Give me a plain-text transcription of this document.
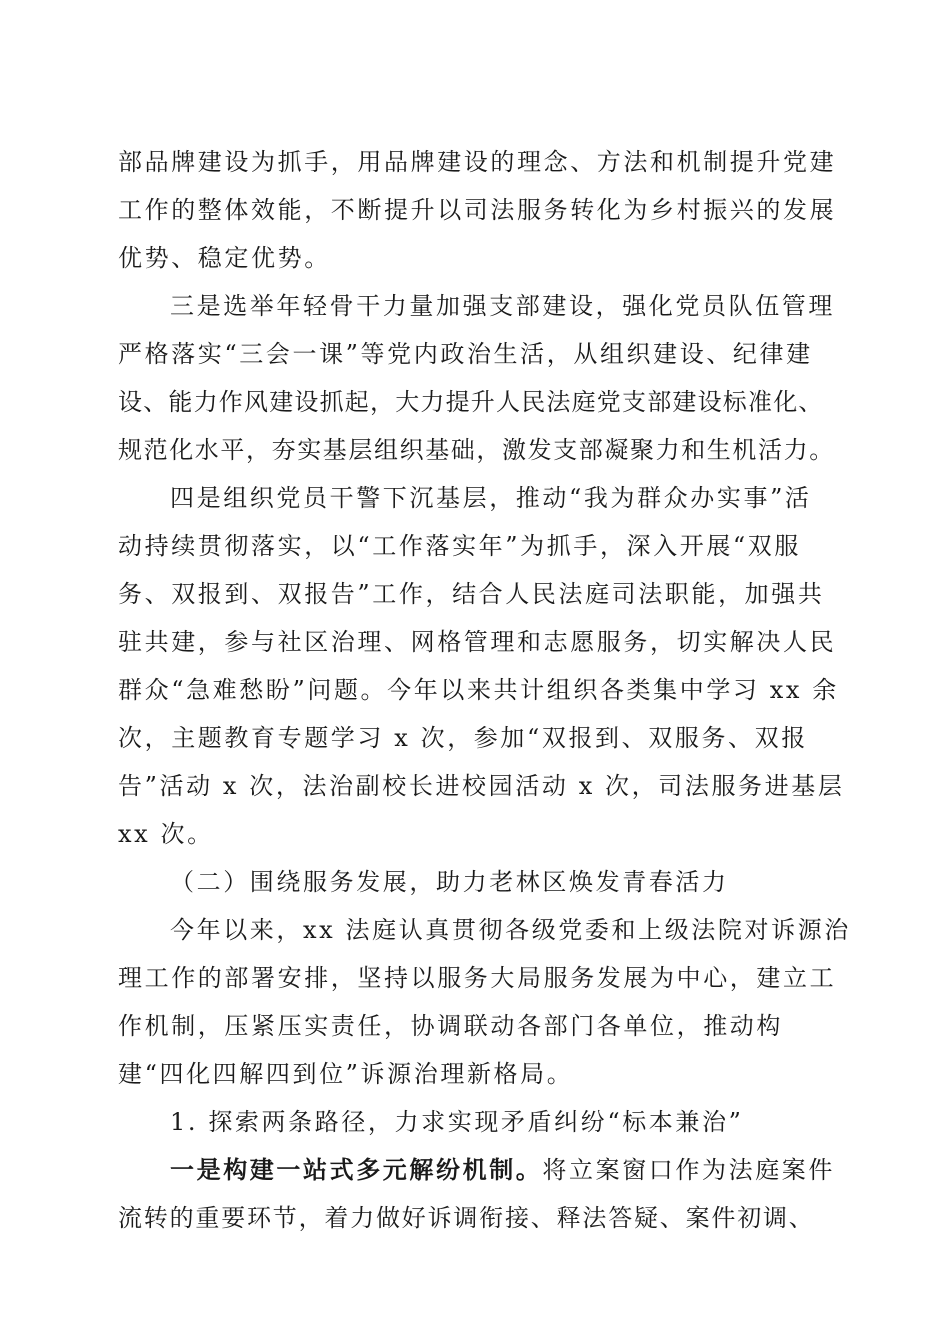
部品牌建设为抓手，用品牌建设的理念、方法和机制提升党建
工作的整体效能，不断提升以司法服务转化为乡村振兴的发展
优势、稳定优势。
三是选举年轻骨干力量加强支部建设，强化党员队伍管理
严格落实“三会一课”等党内政治生活，从组织建设、纪律建
设、能力作风建设抓起，大力提升人民法庭党支部建设标准化、
规范化水平，夯实基层组织基础，激发支部凝聚力和生机活力。
四是组织党员干警下沉基层，推动“我为群众办实事”活
动持续贯彻落实，以“工作落实年”为抓手，深入开展“双服
务、双报到、双报告”工作，结合人民法庭司法职能，加强共
驻共建，参与社区治理、网格管理和志愿服务，切实解决人民
群众“急难愁盼”问题。今年以来共计组织各类集中学习 xx 余
次，主题教育专题学习 x 次，参加“双报到、双服务、双报
告”活动 x 次，法治副校长进校园活动 x 次，司法服务进基层
xx 次。
（二）围绕服务发展，助力老林区焕发青春活力
今年以来，xx 法庭认真贯彻各级党委和上级法院对诉源治
理工作的部署安排，坚持以服务大局服务发展为中心，建立工
作机制，压紧压实责任，协调联动各部门各单位，推动构
建“四化四解四到位”诉源治理新格局。
1. 探索两条路径，力求实现矛盾纠纷“标本兼治”
一是构建一站式多元解纷机制。将立案窗口作为法庭案件
流转的重要环节，着力做好诉调衔接、释法答疑、案件初调、
